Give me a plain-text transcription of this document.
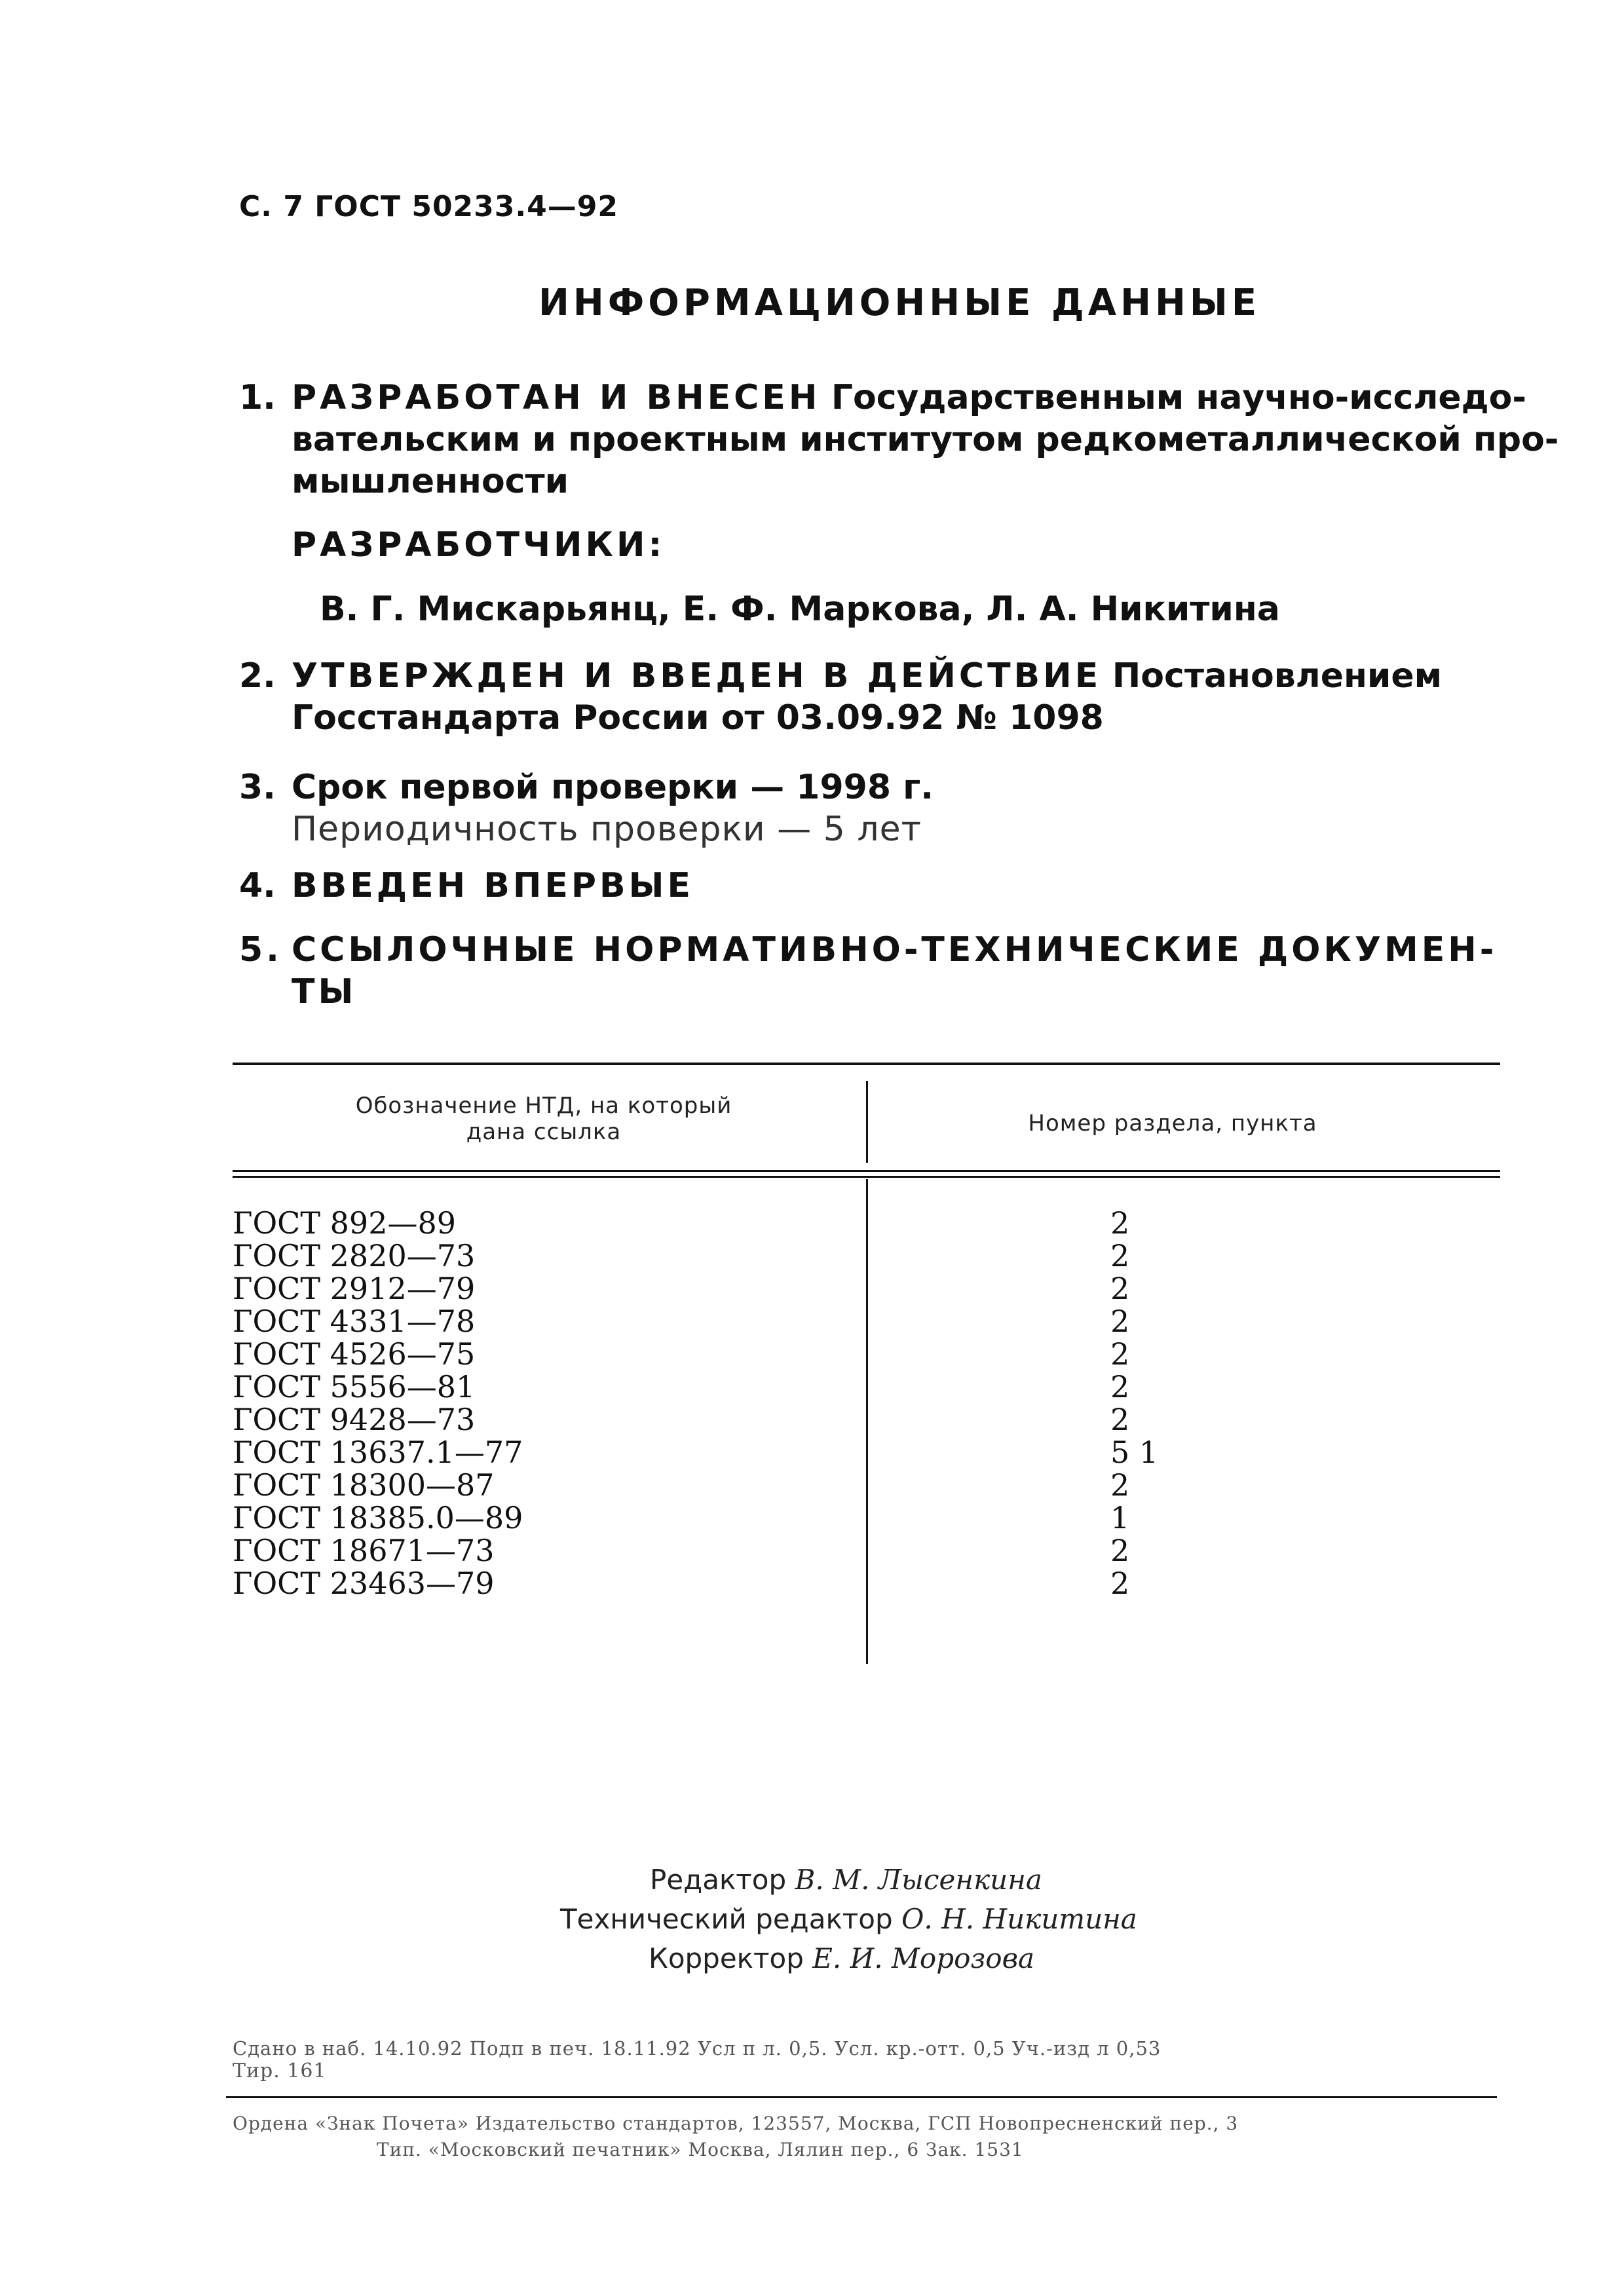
С. 7 ГОСТ 50233.4—92
ИНФОРМАЦИОННЫЕ ДАННЫЕ
1. РАЗРАБОТАН И ВНЕСЕН Государственным научно-исследо-
вательским и проектным институтом редкометаллической про-
мышленности
РАЗРАБОТЧИКИ:
В. Г. Мискарьянц, Е. Ф. Маркова, Л. А. Никитина
2. УТВЕРЖДЕН И ВВЕДЕН В ДЕЙСТВИЕ Постановлением
Госстандарта России от 03.09.92 № 1098
3. Срок первой проверки — 1998 г.
Периодичность проверки — 5 лет
4. ВВЕДЕН ВПЕРВЫЕ
5. ССЫЛОЧНЫЕ НОРМАТИВНО-ТЕХНИЧЕСКИЕ ДОКУМЕН-
ТЫ
Обозначение НТД, на который
дана ссылка	Номер раздела, пункта
ГОСТ 892—89	2
ГОСТ 2820—73	2
ГОСТ 2912—79	2
ГОСТ 4331—78	2
ГОСТ 4526—75	2
ГОСТ 5556—81	2
ГОСТ 9428—73	2
ГОСТ 13637.1—77	5 1
ГОСТ 18300—87	2
ГОСТ 18385.0—89	1
ГОСТ 18671—73	2
ГОСТ 23463—79	2
Редактор В. М. Лысенкина
Технический редактор О. Н. Никитина
Корректор Е. И. Морозова
Сдано в наб. 14.10.92 Подп в печ. 18.11.92 Усл п л. 0,5. Усл. кр.-отт. 0,5 Уч.-изд л 0,53
Тир. 161
Ордена «Знак Почета» Издательство стандартов, 123557, Москва, ГСП Новопресненский пер., 3
Тип. «Московский печатник» Москва, Лялин пер., 6 Зак. 1531
